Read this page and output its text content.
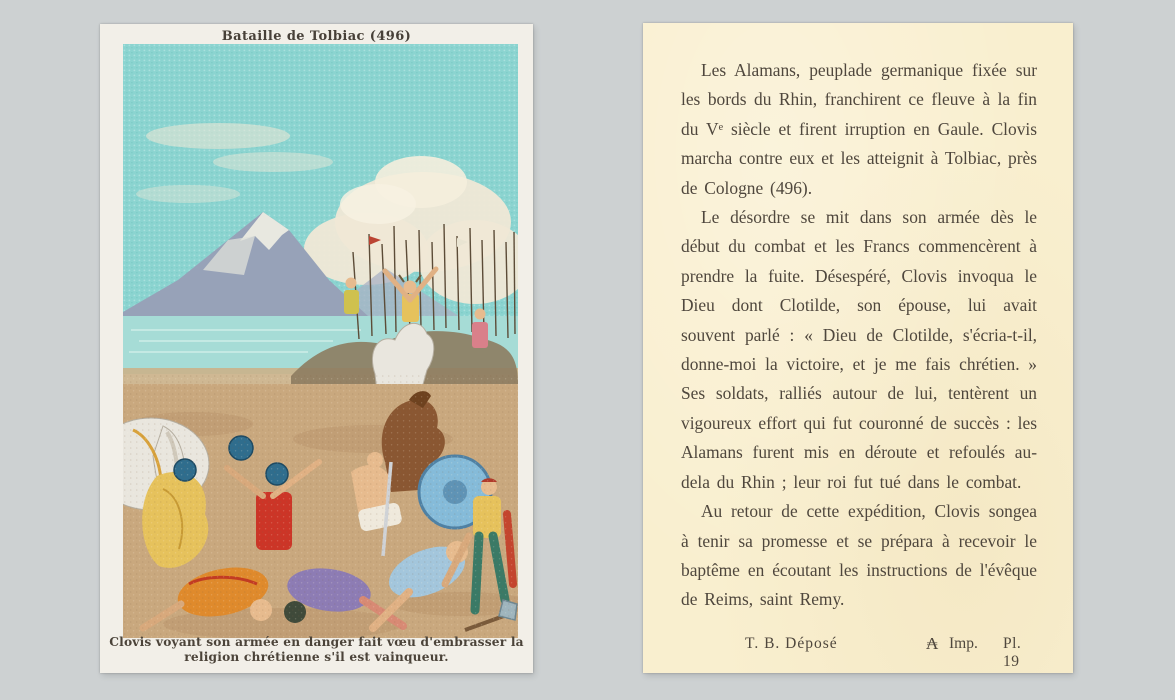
Bataille de Tolbiac (496)
Clovis voyant son armée en danger fait vœu d'embrasser la
religion chrétienne s'il est vainqueur.

Les Alamans, peuplade germanique fixée sur les bords du Rhin, franchirent ce fleuve à la fin du Vᵉ siècle et firent irruption en Gaule. Clovis marcha contre eux et les atteignit à Tolbiac, près de Cologne (496).

Le désordre se mit dans son armée dès le début du combat et les Francs commencèrent à prendre la fuite. Désespéré, Clovis invoqua le Dieu dont Clotilde, son épouse, lui avait souvent parlé : « Dieu de Clotilde, s'écria-t-il, donne-moi la victoire, et je me fais chrétien. » Ses soldats, ralliés autour de lui, tentèrent un vigoureux effort qui fut couronné de succès : les Alamans furent mis en déroute et refoulés au-dela du Rhin ; leur roi fut tué dans le combat.

Au retour de cette expédition, Clovis songea à tenir sa promesse et se prépara à recevoir le baptême en écoutant les instructions de l'évêque de Reims, saint Remy.

T. B. Déposé	₳ Imp. Pl. 19
